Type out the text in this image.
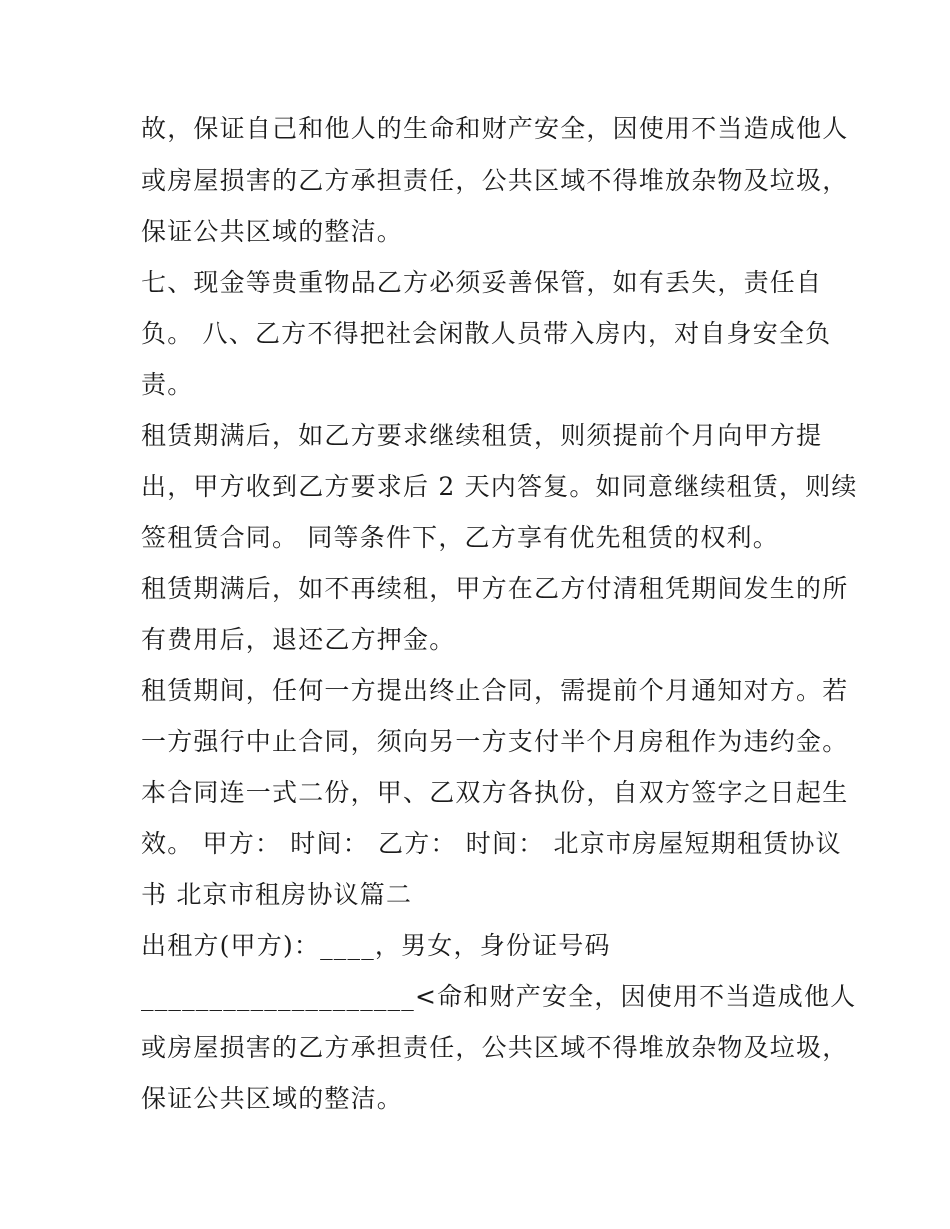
故，保证自己和他人的生命和财产安全，因使用不当造成他人

或房屋损害的乙方承担责任，公共区域不得堆放杂物及垃圾，

保证公共区域的整洁。

七、现金等贵重物品乙方必须妥善保管，如有丢失，责任自

负。 八、乙方不得把社会闲散人员带入房内，对自身安全负

责。

租赁期满后，如乙方要求继续租赁，则须提前个月向甲方提

出，甲方收到乙方要求后 2 天内答复。如同意继续租赁，则续

签租赁合同。 同等条件下，乙方享有优先租赁的权利。

租赁期满后，如不再续租，甲方在乙方付清租凭期间发生的所

有费用后，退还乙方押金。

租赁期间，任何一方提出终止合同，需提前个月通知对方。若

一方强行中止合同，须向另一方支付半个月房租作为违约金。

本合同连一式二份，甲、乙双方各执份，自双方签字之日起生

效。 甲方： 时间： 乙方： 时间： 北京市房屋短期租赁协议

书 北京市租房协议篇二

出租方(甲方)：____，男女，身份证号码

____________________<命和财产安全，因使用不当造成他人

或房屋损害的乙方承担责任，公共区域不得堆放杂物及垃圾，

保证公共区域的整洁。
